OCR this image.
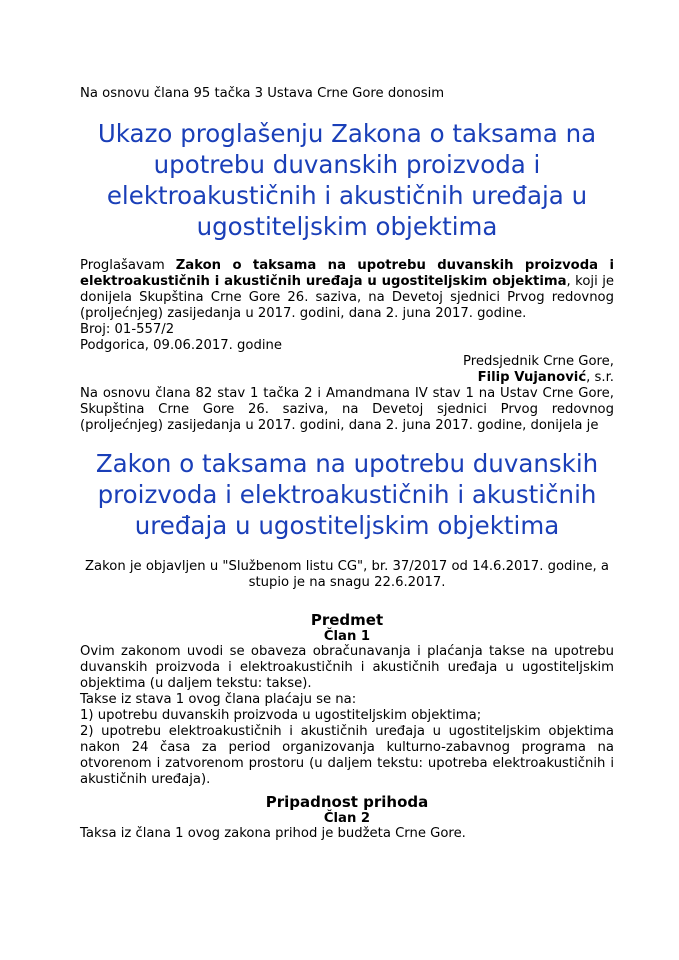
Na osnovu člana 95 tačka 3 Ustava Crne Gore donosim

Ukazo proglašenju Zakona o taksama na upotrebu duvanskih proizvoda i elektroakustičnih i akustičnih uređaja u ugostiteljskim objektima

Proglašavam Zakon o taksama na upotrebu duvanskih proizvoda i elektroakustičnih i akustičnih uređaja u ugostiteljskim objektima, koji je donijela Skupština Crne Gore 26. saziva, na Devetoj sjednici Prvog redovnog (proljećnjeg) zasijedanja u 2017. godini, dana 2. juna 2017. godine.

Broj: 01-557/2

Podgorica, 09.06.2017. godine

Predsjednik Crne Gore,

Filip Vujanović, s.r.

Na osnovu člana 82 stav 1 tačka 2 i Amandmana IV stav 1 na Ustav Crne Gore, Skupština Crne Gore 26. saziva, na Devetoj sjednici Prvog redovnog (proljećnjeg) zasijedanja u 2017. godini, dana 2. juna 2017. godine, donijela je

Zakon o taksama na upotrebu duvanskih proizvoda i elektroakustičnih i akustičnih uređaja u ugostiteljskim objektima

Zakon je objavljen u "Službenom listu CG", br. 37/2017 od 14.6.2017. godine, a stupio je na snagu 22.6.2017.

Predmet

Član 1

Ovim zakonom uvodi se obaveza obračunavanja i plaćanja takse na upotrebu duvanskih proizvoda i elektroakustičnih i akustičnih uređaja u ugostiteljskim objektima (u daljem tekstu: takse).

Takse iz stava 1 ovog člana plaćaju se na:

1) upotrebu duvanskih proizvoda u ugostiteljskim objektima;

2) upotrebu elektroakustičnih i akustičnih uređaja u ugostiteljskim objektima nakon 24 časa za period organizovanja kulturno-zabavnog programa na otvorenom i zatvorenom prostoru (u daljem tekstu: upotreba elektroakustičnih i akustičnih uređaja).

Pripadnost prihoda

Član 2

Taksa iz člana 1 ovog zakona prihod je budžeta Crne Gore.
